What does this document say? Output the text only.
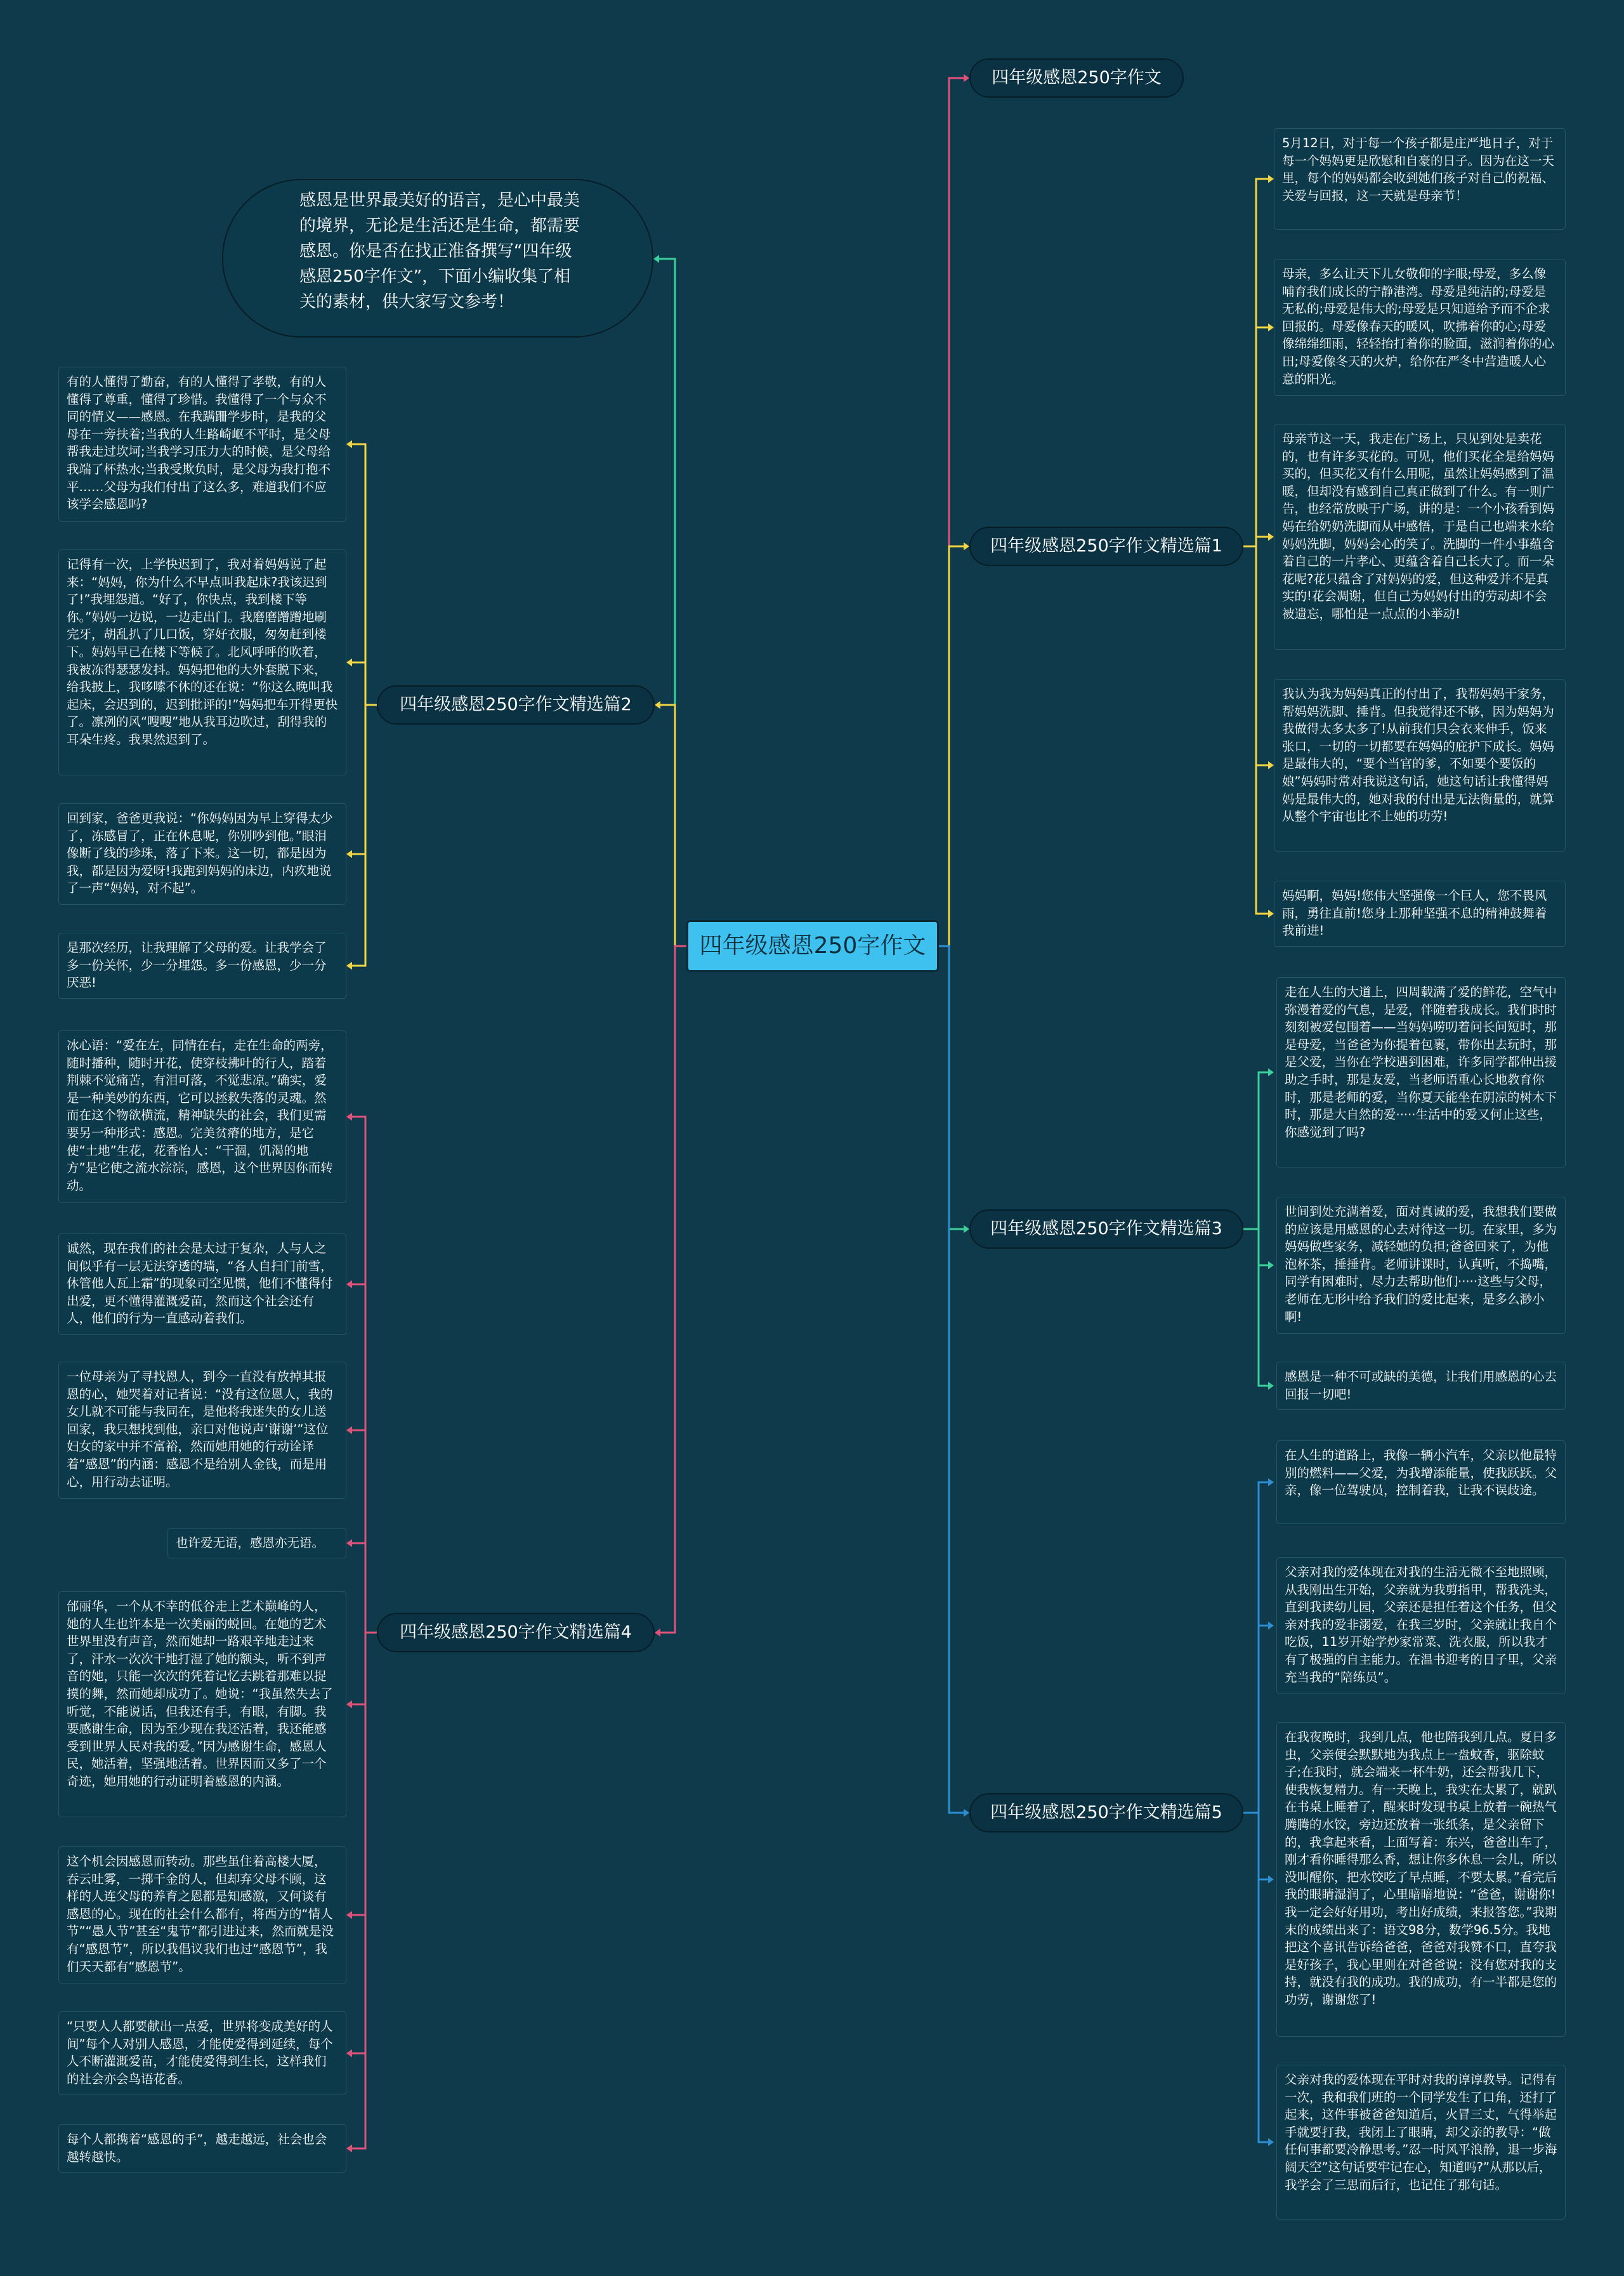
四年级感恩250字作文
四年级感恩250字作文
四年级感恩250字作文精选篇1
四年级感恩250字作文精选篇3
四年级感恩250字作文精选篇5
四年级感恩250字作文精选篇2
四年级感恩250字作文精选篇4
感恩是世界最美好的语言，是心中最美的境界，无论是生活还是生命，都需要感恩。你是否在找正准备撰写“四年级感恩250字作文”，下面小编收集了相关的素材，供大家写文参考！
5月12日，对于每一个孩子都是庄严地日子，对于每一个妈妈更是欣慰和自豪的日子。因为在这一天里，每个的妈妈都会收到她们孩子对自己的祝福、关爱与回报，这一天就是母亲节！
母亲，多么让天下儿女敬仰的字眼;母爱，多么像哺育我们成长的宁静港湾。母爱是纯洁的;母爱是无私的;母爱是伟大的;母爱是只知道给予而不企求回报的。母爱像春天的暖风，吹拂着你的心;母爱像绵绵细雨，轻轻抬打着你的脸面，滋润着你的心田;母爱像冬天的火炉，给你在严冬中营造暖人心意的阳光。
母亲节这一天，我走在广场上，只见到处是卖花的，也有许多买花的。可见，他们买花全是给妈妈买的，但买花又有什么用呢，虽然让妈妈感到了温暖，但却没有感到自己真正做到了什么。有一则广告，也经常放映于广场，讲的是：一个小孩看到妈妈在给奶奶洗脚而从中感悟，于是自己也端来水给妈妈洗脚，妈妈会心的笑了。洗脚的一件小事蕴含着自己的一片孝心、更蕴含着自己长大了。而一朵花呢?花只蕴含了对妈妈的爱，但这种爱并不是真实的!花会凋谢，但自己为妈妈付出的劳动却不会被遗忘，哪怕是一点点的小举动!
我认为我为妈妈真正的付出了，我帮妈妈干家务，帮妈妈洗脚、捶背。但我觉得还不够，因为妈妈为我做得太多太多了!从前我们只会衣来伸手，饭来张口，一切的一切都要在妈妈的庇护下成长。妈妈是最伟大的，“要个当官的爹，不如要个要饭的娘”妈妈时常对我说这句话，她这句话让我懂得妈妈是最伟大的，她对我的付出是无法衡量的，就算从整个宇宙也比不上她的功劳!
妈妈啊，妈妈!您伟大坚强像一个巨人，您不畏风雨，勇往直前!您身上那种坚强不息的精神鼓舞着我前进!
走在人生的大道上，四周载满了爱的鲜花，空气中弥漫着爱的气息，是爱，伴随着我成长。我们时时刻刻被爱包围着——当妈妈唠叨着问长问短时，那是母爱，当爸爸为你提着包裹，带你出去玩时，那是父爱，当你在学校遇到困难，许多同学都伸出援助之手时，那是友爱，当老师语重心长地教育你时，那是老师的爱，当你夏天能坐在阴凉的树木下时，那是大自然的爱·····生活中的爱又何止这些，你感觉到了吗?
世间到处充满着爱，面对真诚的爱，我想我们要做的应该是用感恩的心去对待这一切。在家里，多为妈妈做些家务，减轻她的负担;爸爸回来了，为他泡杯茶，捶捶背。老师讲课时，认真听，不捣嘴，同学有困难时，尽力去帮助他们·····这些与父母，老师在无形中给予我们的爱比起来，是多么渺小啊!
感恩是一种不可或缺的美德，让我们用感恩的心去回报一切吧!
在人生的道路上，我像一辆小汽车，父亲以他最特别的燃料——父爱，为我增添能量，使我跃跃。父亲，像一位驾驶员，控制着我，让我不误歧途。
父亲对我的爱体现在对我的生活无微不至地照顾，从我刚出生开始，父亲就为我剪指甲，帮我洗头，直到我读幼儿园，父亲还是担任着这个任务，但父亲对我的爱非溺爱，在我三岁时，父亲就让我自个吃饭，11岁开始学炒家常菜、洗衣服，所以我才有了极强的自主能力。在温书迎考的日子里，父亲充当我的“陪练员”。
在我夜晚时，我到几点，他也陪我到几点。夏日多虫，父亲便会默默地为我点上一盘蚊香，驱除蚊子;在我时，就会端来一杯牛奶，还会帮我几下，使我恢复精力。有一天晚上，我实在太累了，就趴在书桌上睡着了，醒来时发现书桌上放着一碗热气腾腾的水饺，旁边还放着一张纸条，是父亲留下的，我拿起来看，上面写着：东兴，爸爸出车了，刚才看你睡得那么香，想让你多休息一会儿，所以没叫醒你，把水饺吃了早点睡，不要太累。”看完后我的眼睛湿润了，心里暗暗地说：“爸爸，谢谢你!我一定会好好用功，考出好成绩，来报答您。”我期末的成绩出来了：语文98分，数学96.5分。我地把这个喜讯告诉给爸爸，爸爸对我赞不口，直夸我是好孩子，我心里则在对爸爸说：没有您对我的支持，就没有我的成功。我的成功，有一半都是您的功劳，谢谢您了!
父亲对我的爱体现在平时对我的谆谆教导。记得有一次，我和我们班的一个同学发生了口角，还打了起来，这件事被爸爸知道后，火冒三丈，气得举起手就要打我，我闭上了眼睛，却父亲的教导：“做任何事都要冷静思考。”忍一时风平浪静，退一步海阔天空”这句话要牢记在心，知道吗?”从那以后，我学会了三思而后行，也记住了那句话。
有的人懂得了勤奋，有的人懂得了孝敬，有的人懂得了尊重，懂得了珍惜。我懂得了一个与众不同的情义——感恩。在我蹒跚学步时，是我的父母在一旁扶着;当我的人生路崎岖不平时，是父母帮我走过坎坷;当我学习压力大的时候，是父母给我端了杯热水;当我受欺负时，是父母为我打抱不平……父母为我们付出了这么多，难道我们不应该学会感恩吗?
记得有一次，上学快迟到了，我对着妈妈说了起来：“妈妈，你为什么不早点叫我起床?我该迟到了!”我埋怨道。“好了，你快点，我到楼下等你。”妈妈一边说，一边走出门。我磨磨蹭蹭地刷完牙，胡乱扒了几口饭，穿好衣服，匆匆赶到楼下。妈妈早已在楼下等候了。北风呼呼的吹着，我被冻得瑟瑟发抖。妈妈把他的大外套脱下来，给我披上，我哆嗦不休的还在说：“你这么晚叫我起床，会迟到的，迟到批评的!”妈妈把车开得更快了。凛冽的风“嗖嗖”地从我耳边吹过，刮得我的耳朵生疼。我果然迟到了。
回到家，爸爸更我说：“你妈妈因为早上穿得太少了，冻感冒了，正在休息呢，你别吵到他。”眼泪像断了线的珍珠，落了下来。这一切，都是因为我，都是因为爱呀!我跑到妈妈的床边，内疚地说了一声“妈妈，对不起”。
是那次经历，让我理解了父母的爱。让我学会了多一份关怀，少一分埋怨。多一份感恩，少一分厌恶!
冰心语：“爱在左，同情在右，走在生命的两旁，随时播种，随时开花，使穿枝拂叶的行人，踏着荆棘不觉痛苦，有泪可落，不觉悲凉。”确实，爱是一种美妙的东西，它可以拯救失落的灵魂。然而在这个物欲横流，精神缺失的社会，我们更需要另一种形式：感恩。完美贫瘠的地方，是它使“土地”生花，花香怡人：“干涸，饥渴的地方”是它使之流水淙淙，感恩，这个世界因你而转动。
诚然，现在我们的社会是太过于复杂，人与人之间似乎有一层无法穿透的墙，“各人自扫门前雪，休管他人瓦上霜”的现象司空见惯，他们不懂得付出爱，更不懂得灌溉爱苗，然而这个社会还有人，他们的行为一直感动着我们。
一位母亲为了寻找恩人，到今一直没有放掉其报恩的心，她哭着对记者说：“没有这位恩人，我的女儿就不可能与我同在，是他将我迷失的女儿送回家，我只想找到他，亲口对他说声‘谢谢’”这位妇女的家中并不富裕，然而她用她的行动诠译着“感恩”的内涵：感恩不是给别人金钱，而是用心，用行动去证明。
也许爱无语，感恩亦无语。
邰丽华，一个从不幸的低谷走上艺术巅峰的人，她的人生也许本是一次美丽的蜕回。在她的艺术世界里没有声音，然而她却一路艰辛地走过来了，汗水一次次干地打湿了她的额头，听不到声音的她，只能一次次的凭着记忆去跳着那难以捉摸的舞，然而她却成功了。她说：“我虽然失去了听觉，不能说话，但我还有手，有眼，有脚。我要感谢生命，因为至少现在我还活着，我还能感受到世界人民对我的爱。”因为感谢生命，感恩人民，她活着，坚强地活着。世界因而又多了一个奇迹，她用她的行动证明着感恩的内涵。
这个机会因感恩而转动。那些虽住着高楼大厦，吞云吐雾，一掷千金的人，但却弃父母不顾，这样的人连父母的养育之恩都是知感激，又何谈有感恩的心。现在的社会什么都有，将西方的“情人节”“愚人节”甚至“鬼节”都引进过来，然而就是没有“感恩节”，所以我倡议我们也过“感恩节”，我们天天都有“感恩节”。
“只要人人都要献出一点爱，世界将变成美好的人间”每个人对别人感恩，才能使爱得到延续，每个人不断灌溉爱苗，才能使爱得到生长，这样我们的社会亦会鸟语花香。
每个人都携着“感恩的手”，越走越远，社会也会越转越快。
